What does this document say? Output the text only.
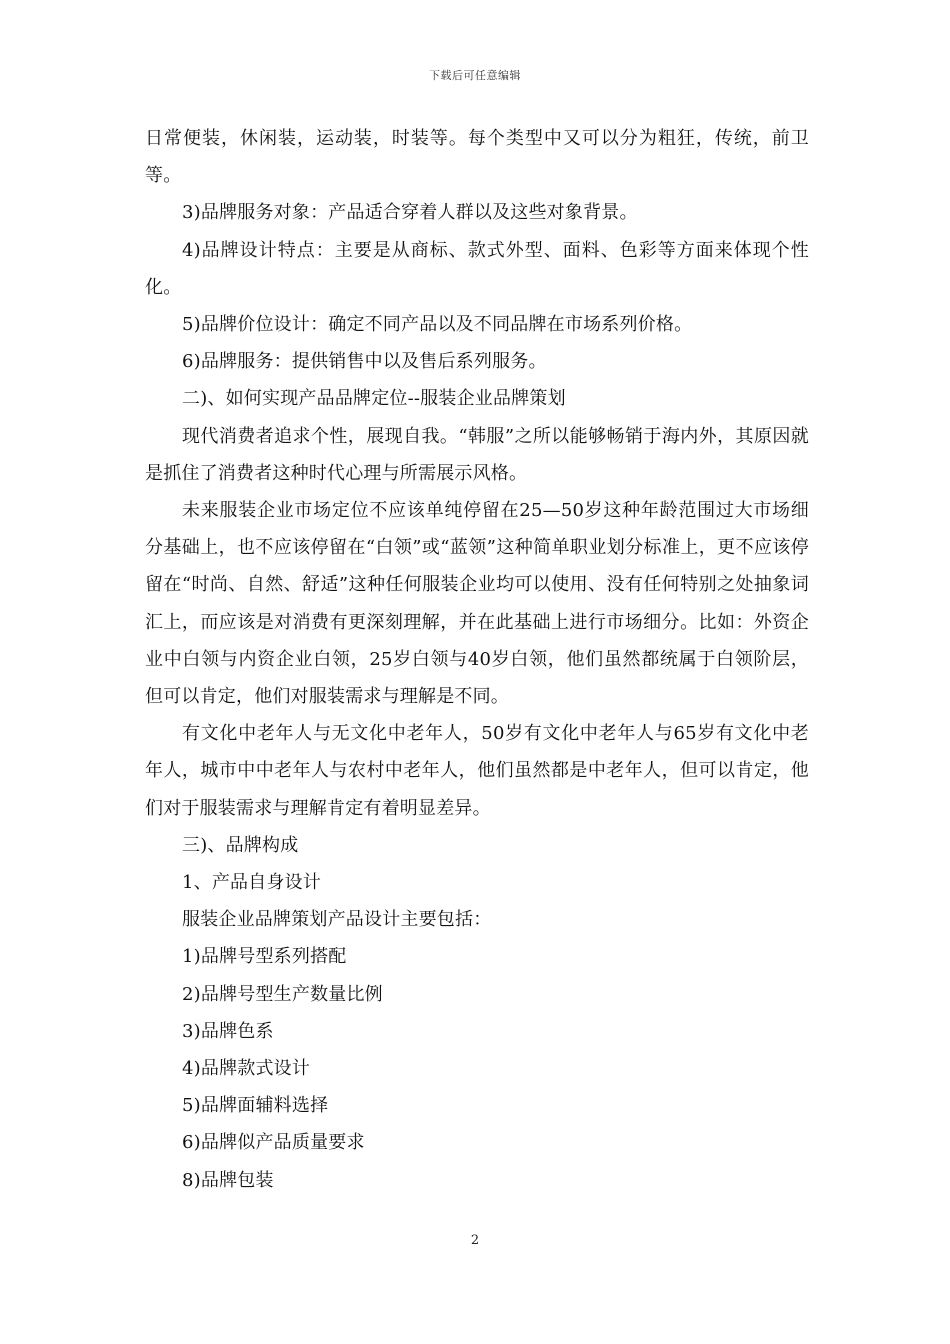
下载后可任意编辑

日常便装，休闲装，运动装，时装等。每个类型中又可以分为粗狂，传统，前卫等。

3)品牌服务对象：产品适合穿着人群以及这些对象背景。

4)品牌设计特点：主要是从商标、款式外型、面料、色彩等方面来体现个性化。

5)品牌价位设计：确定不同产品以及不同品牌在市场系列价格。

6)品牌服务：提供销售中以及售后系列服务。

二)、如何实现产品品牌定位--服装企业品牌策划

现代消费者追求个性，展现自我。“韩服”之所以能够畅销于海内外，其原因就是抓住了消费者这种时代心理与所需展示风格。

未来服装企业市场定位不应该单纯停留在25—50岁这种年龄范围过大市场细分基础上，也不应该停留在“白领”或“蓝领”这种简单职业划分标准上，更不应该停留在“时尚、自然、舒适”这种任何服装企业均可以使用、没有任何特别之处抽象词汇上，而应该是对消费有更深刻理解，并在此基础上进行市场细分。比如：外资企业中白领与内资企业白领，25岁白领与40岁白领，他们虽然都统属于白领阶层，但可以肯定，他们对服装需求与理解是不同。

有文化中老年人与无文化中老年人，50岁有文化中老年人与65岁有文化中老年人，城市中中老年人与农村中老年人，他们虽然都是中老年人，但可以肯定，他们对于服装需求与理解肯定有着明显差异。

三)、品牌构成

1、产品自身设计

服装企业品牌策划产品设计主要包括：

1)品牌号型系列搭配

2)品牌号型生产数量比例

3)品牌色系

4)品牌款式设计

5)品牌面辅料选择

6)品牌似产品质量要求

8)品牌包装

2
